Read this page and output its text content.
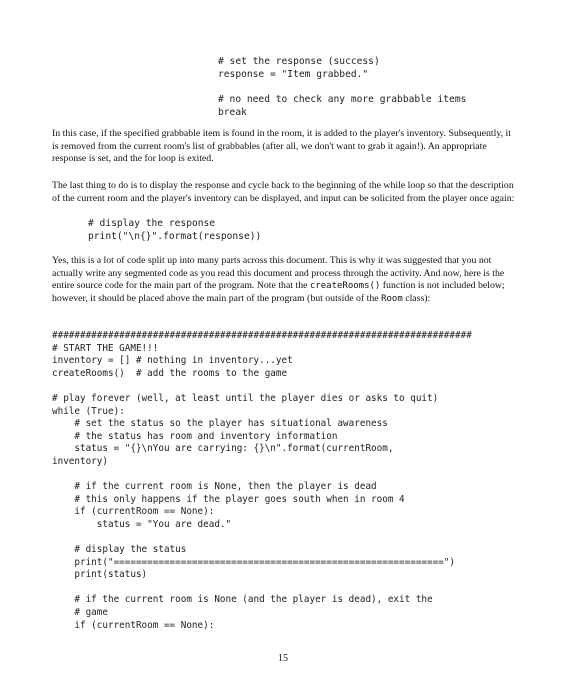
# set the response (success)
response = "Item grabbed."

# no need to check any more grabbable items
break

In this case, if the specified grabbable item is found in the room, it is added to the player's inventory. Subsequently, it is removed from the current room's list of grabbables (after all, we don't want to grab it again!). An appropriate response is set, and the for loop is exited.

The last thing to do is to display the response and cycle back to the beginning of the while loop so that the description of the current room and the player's inventory can be displayed, and input can be solicited from the player once again:

# display the response
print("\n{}".format(response))

Yes, this is a lot of code split up into many parts across this document. This is why it was suggested that you not actually write any segmented code as you read this document and process through the activity. And now, here is the entire source code for the main part of the program. Note that the createRooms() function is not included below; however, it should be placed above the main part of the program (but outside of the Room class):

###########################################################################
# START THE GAME!!!
inventory = [] # nothing in inventory...yet
createRooms()  # add the rooms to the game

# play forever (well, at least until the player dies or asks to quit)
while (True):
# set the status so the player has situational awareness
# the status has room and inventory information
status = "{}\nYou are carrying: {}\n".format(currentRoom,
inventory)

# if the current room is None, then the player is dead
# this only happens if the player goes south when in room 4
if (currentRoom == None):
status = "You are dead."

# display the status
print("===========================================================")
print(status)

# if the current room is None (and the player is dead), exit the
# game
if (currentRoom == None):

15
